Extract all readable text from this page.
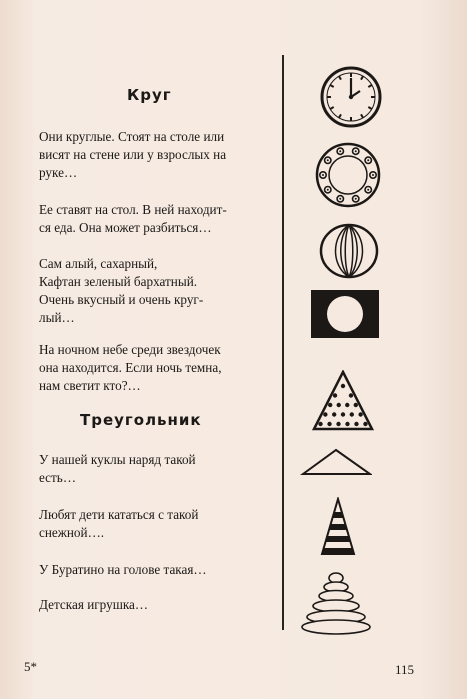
Круг
Они круглые. Стоят на столе или
висят на стене или у взрослых на
руке…
Ее ставят на стол. В ней находит-
ся еда. Она может разбиться…
Сам алый, сахарный,
Кафтан зеленый бархатный.
Очень вкусный и очень круг-
лый…
На ночном небе среди звездочек
она находится. Если ночь темна,
нам светит кто?…
Треугольник
У нашей куклы наряд такой
есть…
Любят дети кататься с такой
снежной….
У Буратино на голове такая…
Детская игрушка…
5*	115
